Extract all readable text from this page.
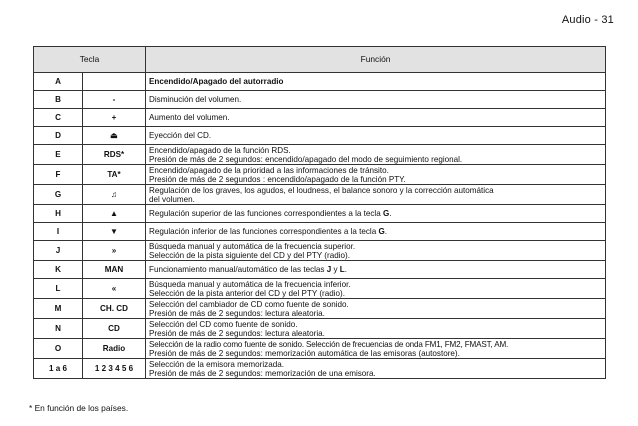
Audio - 31
Tecla		Función
A		Encendido/Apagado del autorradio
B	-	Disminución del volumen.
C	+	Aumento del volumen.
D	⏏	Eyección del CD.
E	RDS*	Encendido/apagado de la función RDS.
Presión de más de 2 segundos: encendido/apagado del modo de seguimiento regional.

F	TA*	Encendido/apagado de la prioridad a las informaciones de tránsito.
Presión de más de 2 segundos : encendido/apagado de la función PTY.

G	♫	Regulación de los graves, los agudos, el loudness, el balance sonoro y la corrección automática
del volumen.

H	▲	Regulación superior de las funciones correspondientes a la tecla G.
I	▼	Regulación inferior de las funciones correspondientes a la tecla G.
J	»	Búsqueda manual y automática de la frecuencia superior.
Selección de la pista siguiente del CD y del PTY (radio).

K	MAN	Funcionamiento manual/automático de las teclas J y L.
L	«	Búsqueda manual y automática de la frecuencia inferior.
Selección de la pista anterior del CD y del PTY (radio).

M	CH. CD	Selección del cambiador de CD como fuente de sonido.
Presión de más de 2 segundos: lectura aleatoria.

N	CD	Selección del CD como fuente de sonido.
Presión de más de 2 segundos: lectura aleatoria.

O	Radio	Selección de la radio como fuente de sonido. Selección de frecuencias de onda FM1, FM2, FMAST, AM.
Presión de más de 2 segundos: memorización automática de las emisoras (autostore).

1 a 6	1 2 3 4 5 6	Selección de la emisora memorizada.
Presión de más de 2 segundos: memorización de una emisora.
* En función de los países.
